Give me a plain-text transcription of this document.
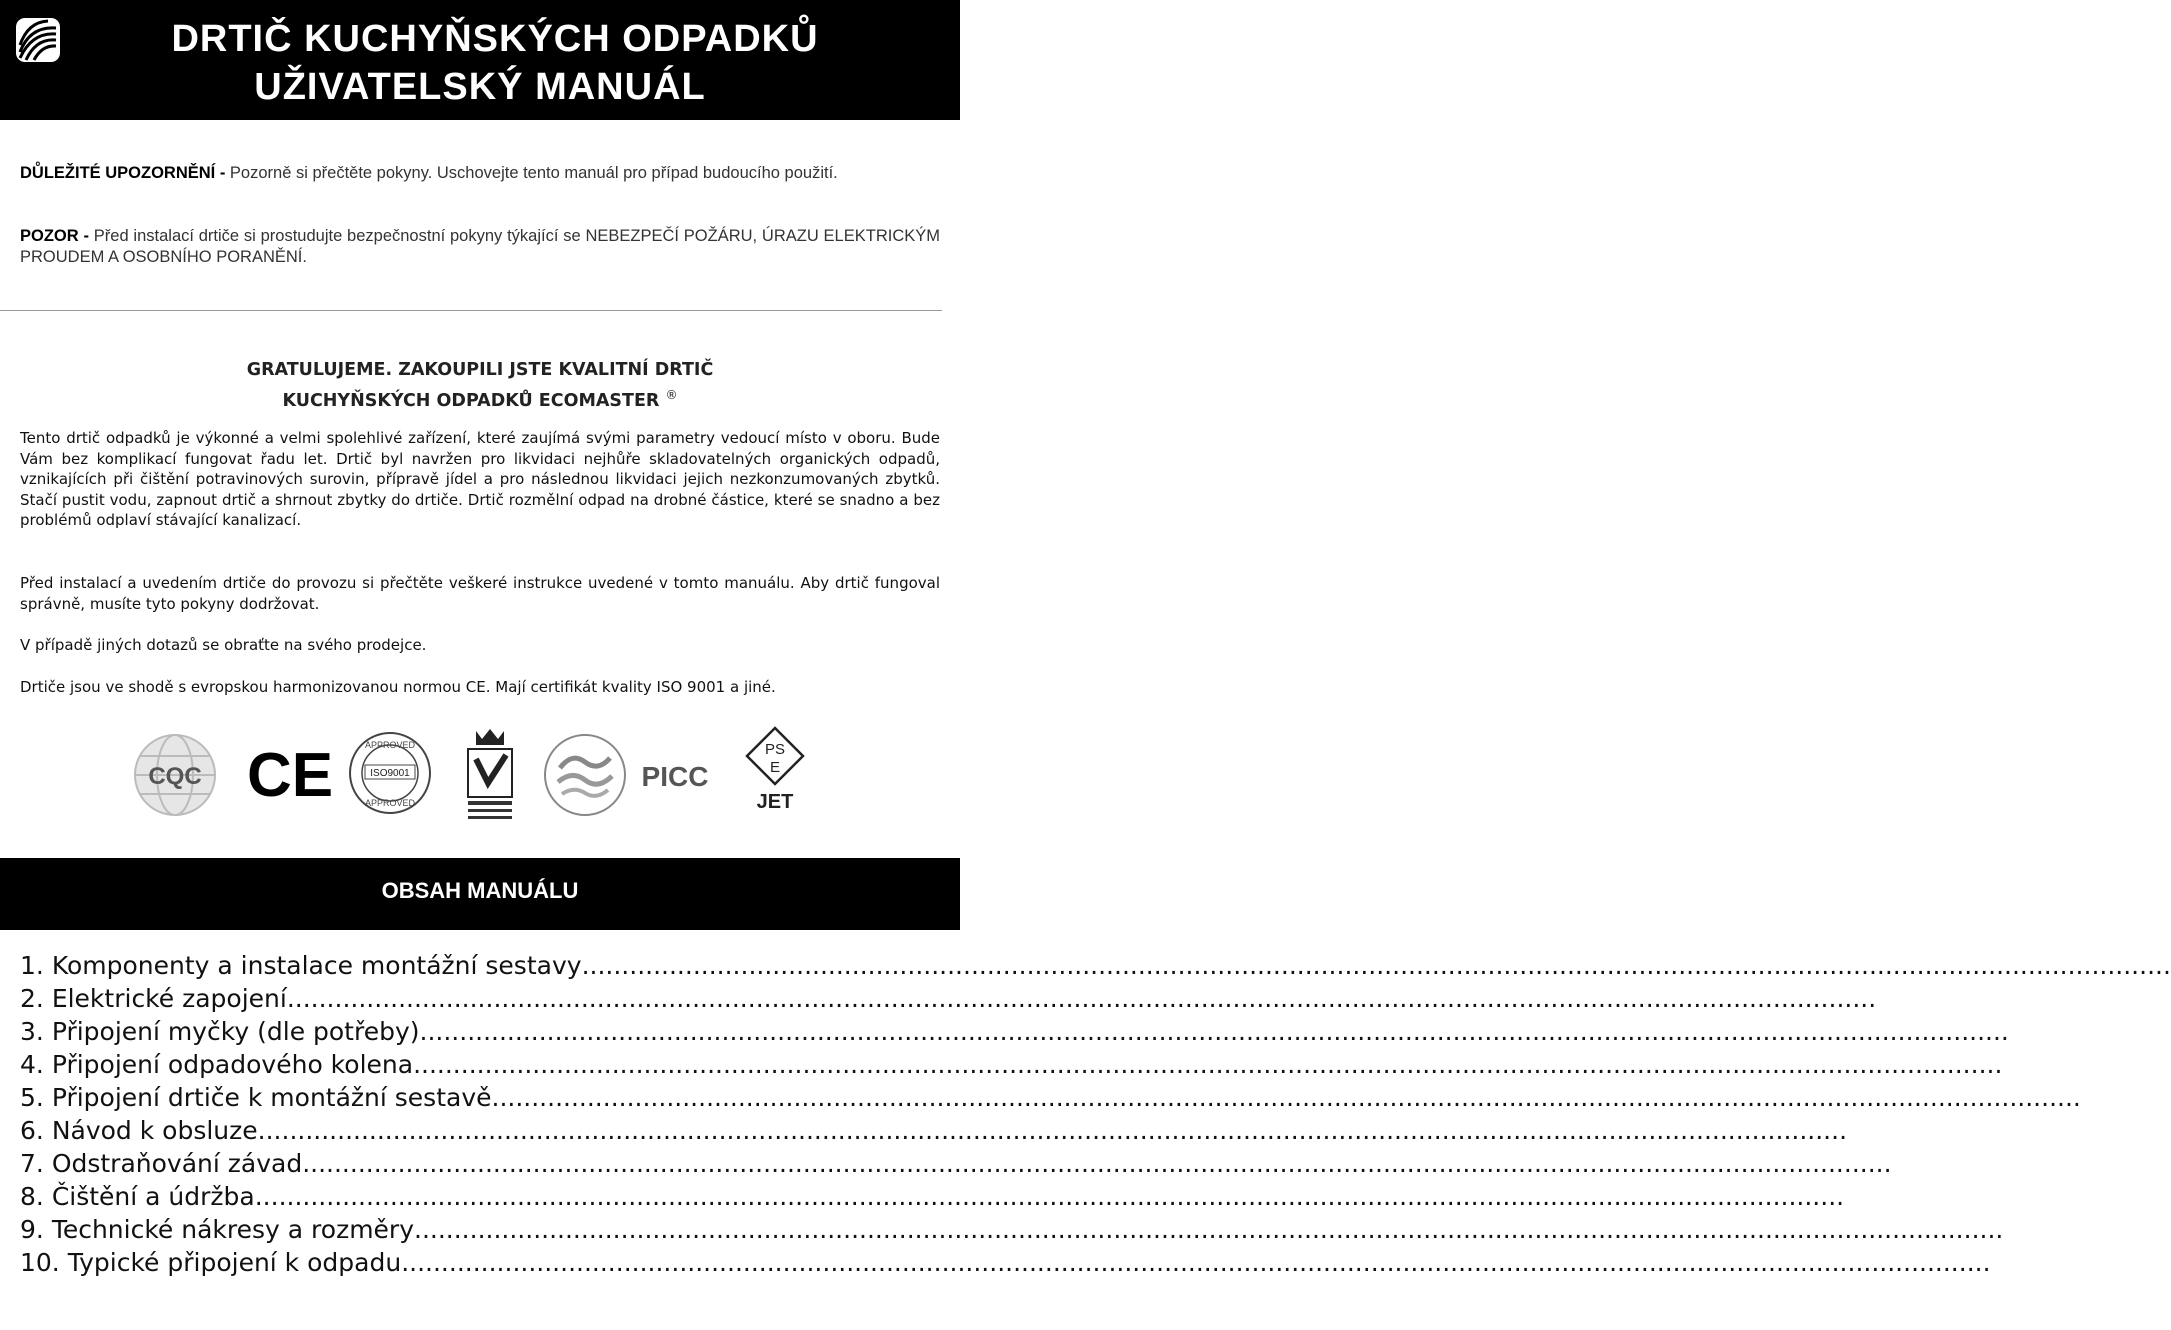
DRTIČ KUCHYŇSKÝCH ODPADKŮ
UŽIVATELSKÝ MANUÁL
DŮLEŽITÉ UPOZORNĚNÍ - Pozorně si přečtěte pokyny. Uschovejte tento manuál pro případ budoucího použití.
POZOR - Před instalací drtiče si prostudujte bezpečnostní pokyny týkající se NEBEZPEČÍ POŽÁRU, ÚRAZU ELEKTRICKÝM PROUDEM A OSOBNÍHO PORANĚNÍ.
GRATULUJEME. ZAKOUPILI JSTE KVALITNÍ DRTIČ
KUCHYŇSKÝCH ODPADKŮ ECOMASTER ®
Tento drtič odpadků je výkonné a velmi spolehlivé zařízení, které zaujímá svými parametry vedoucí místo v oboru. Bude Vám bez komplikací fungovat řadu let. Drtič byl navržen pro likvidaci nejhůře skladovatelných organických odpadů, vznikajících při čištění potravinových surovin, přípravě jídel a pro následnou likvidaci jejich nezkonzumovaných zbytků. Stačí pustit vodu, zapnout drtič a shrnout zbytky do drtiče. Drtič rozmělní odpad na drobné částice, které se snadno a bez problémů odplaví stávající kanalizací.
Před instalací a uvedením drtiče do provozu si přečtěte veškeré instrukce uvedené v tomto manuálu. Aby drtič fungoval správně, musíte tyto pokyny dodržovat.
V případě jiných dotazů se obraťte na svého prodejce.
Drtiče jsou ve shodě s evropskou harmonizovanou normou CE. Mají certifikát kvality ISO 9001 a jiné.
CQC CE	APPROVED
ISO9001
APPROVED
PICC
PS
E
JET
OBSAH MANUÁLU
1. Komponenty a instalace montážní sestavy ........................................................................................................................................................................................................
2. Elektrické zapojení ........................................................................................................................................................................................................
3. Připojení myčky (dle potřeby) ........................................................................................................................................................................................................
4. Připojení odpadového kolena ........................................................................................................................................................................................................
5. Připojení drtiče k montážní sestavě ........................................................................................................................................................................................................
6. Návod k obsluze ........................................................................................................................................................................................................
7. Odstraňování závad ........................................................................................................................................................................................................
8. Čištění a údržba ........................................................................................................................................................................................................
9. Technické nákresy a rozměry ........................................................................................................................................................................................................
10. Typické připojení k odpadu ........................................................................................................................................................................................................
